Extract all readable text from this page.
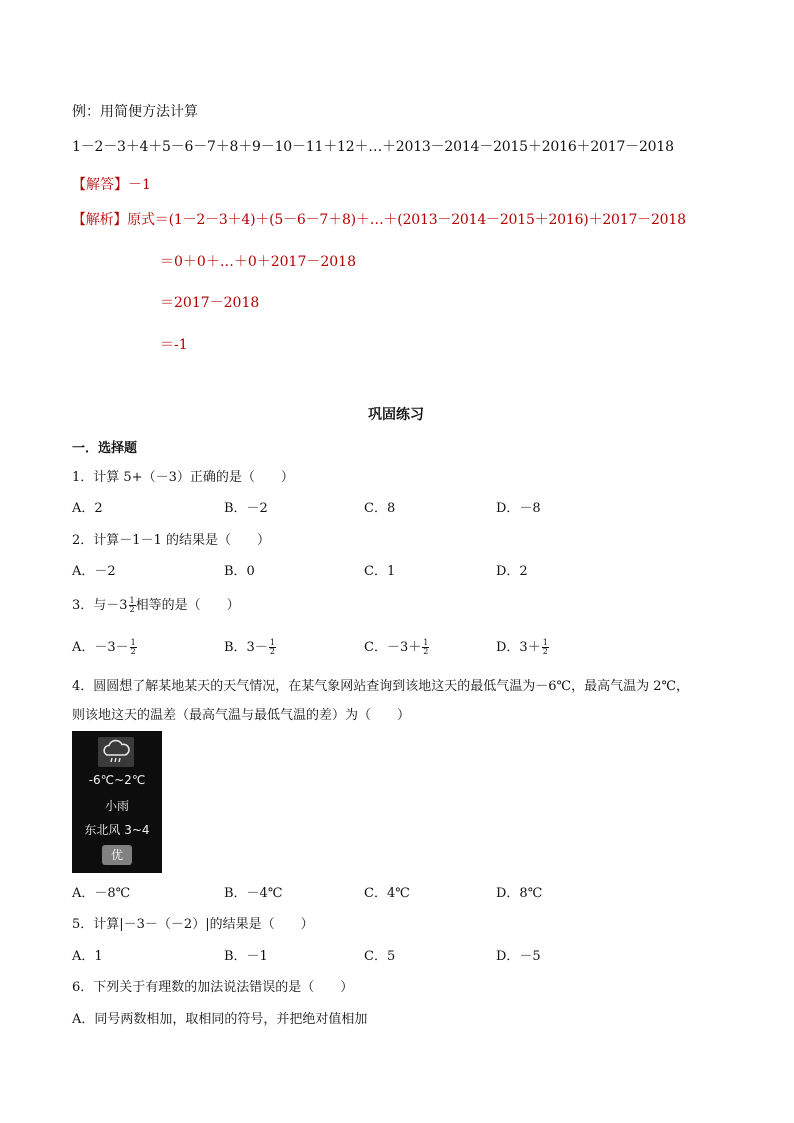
例：用简便方法计算
1－2－3＋4＋5－6－7＋8＋9－10－11＋12＋…＋2013－2014－2015＋2016＋2017－2018
【解答】－1
【解析】原式＝(1－2－3＋4)＋(5－6－7＋8)＋…＋(2013－2014－2015＋2016)＋2017－2018
＝0＋0＋…＋0＋2017－2018
＝2017－2018
＝-1
巩固练习
一．选择题
1．计算 5+（－3）正确的是（　　）
A．2	B．－2	C．8	D．－8
2．计算－1－1 的结果是（　　）
A．－2	B．0	C．1	D．2
3．与$-3 \frac{1}{2}$ 相等的是（　　）
A．$-3- \frac{1}{2}$	B．$3- \frac{1}{2}$	C．$-3+ \frac{1}{2}$	D．$3+ \frac{1}{2}$
4．圆圆想了解某地某天的天气情况，在某气象网站查询到该地这天的最低气温为－6℃，最高气温为 2℃，
则该地这天的温差（最高气温与最低气温的差）为（　　）
-6℃~2℃
小雨
东北风 3~4
优
A．－8℃	B．－4℃	C．4℃	D．8℃
5．计算|－3－（－2）|的结果是（　　）
A．1	B．－1	C．5	D．－5
6．下列关于有理数的加法说法错误的是（　　）
A．同号两数相加，取相同的符号，并把绝对值相加
